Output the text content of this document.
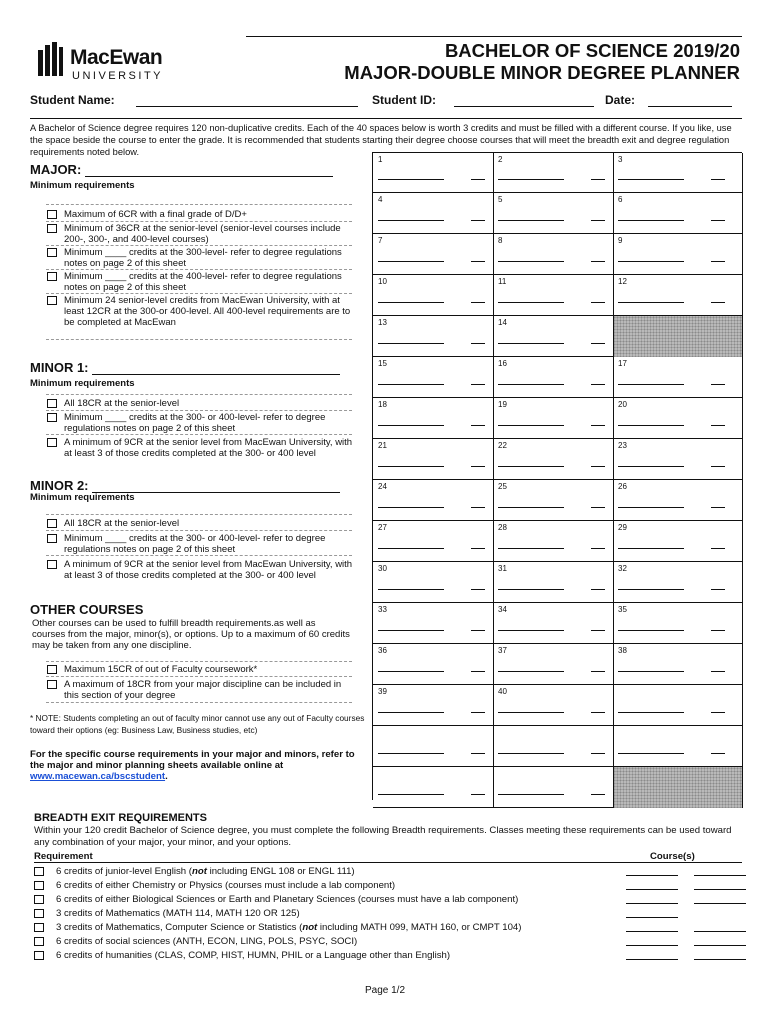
MacEwan
UNIVERSITY
BACHELOR OF SCIENCE 2019/20
MAJOR-DOUBLE MINOR DEGREE PLANNER
Student Name:	Student ID:	Date:
A Bachelor of Science degree requires 120 non-duplicative credits. Each of the 40 spaces below is worth 3 credits and must be filled with a different course. If you like, use the space beside the course to enter the grade. It is recommended that students starting their degree choose courses that will meet the breadth exit and degree regulation requirements noted below.
MAJOR:
Minimum requirements
Maximum of 6CR with a final grade of D/D+
Minimum of 36CR at the senior-level (senior-level courses include 200-, 300-, and 400-level courses)
Minimum ____ credits at the 300-level- refer to degree regulations notes on page 2 of this sheet
Minimum ____ credits at the 400-level- refer to degree regulations notes on page 2 of this sheet
Minimum 24 senior-level credits from MacEwan University, with at least 12CR at the 300-or 400-level. All 400-level requirements are to be completed at MacEwan
MINOR 1:
Minimum requirements
All 18CR at the senior-level
Minimum ____ credits at the 300- or 400-level- refer to degree regulations notes on page 2 of this sheet
A minimum of 9CR at the senior level from MacEwan University, with at least 3 of those credits completed at the 300- or 400 level
MINOR 2:
Minimum requirements
All 18CR at the senior-level
Minimum ____ credits at the 300- or 400-level- refer to degree regulations notes on page 2 of this sheet
A minimum of 9CR at the senior level from MacEwan University, with at least 3 of those credits completed at the 300- or 400 level
OTHER COURSES
Other courses can be used to fulfill breadth requirements.as well as courses from the major, minor(s), or options. Up to a maximum of 60 credits may be taken from any one discipline.
Maximum 15CR of out of Faculty coursework*
A maximum of 18CR from your major discipline can be included in this section of your degree
* NOTE: Students completing an out of faculty minor cannot use any out of Faculty courses toward their options (eg: Business Law, Business studies, etc)
For the specific course requirements in your major and minors, refer to the major and minor planning sheets available online at www.macewan.ca/bscstudent.
1	2	3
4	5	6
7	8	9
10	11	12
13	14
15	16	17
18	19	20
21	22	23
24	25	26
27	28	29
30	31	32
33	34	35
36	37	38
39	40
BREADTH EXIT REQUIREMENTS
Within your 120 credit Bachelor of Science degree, you must complete the following Breadth requirements. Classes meeting these requirements can be used toward any combination of your major, your minor, and your options.
Requirement	Course(s)
6 credits of junior-level English (not including ENGL 108 or ENGL 111)
6 credits of either Chemistry or Physics (courses must include a lab component)
6 credits of either Biological Sciences or Earth and Planetary Sciences (courses must have a lab component)
3 credits of Mathematics (MATH 114, MATH 120 OR 125)
3 credits of Mathematics, Computer Science or Statistics (not including MATH 099, MATH 160, or CMPT 104)
6 credits of social sciences (ANTH, ECON, LING, POLS, PSYC, SOCI)
6 credits of humanities (CLAS, COMP, HIST, HUMN, PHIL or a Language other than English)
Page 1/2
